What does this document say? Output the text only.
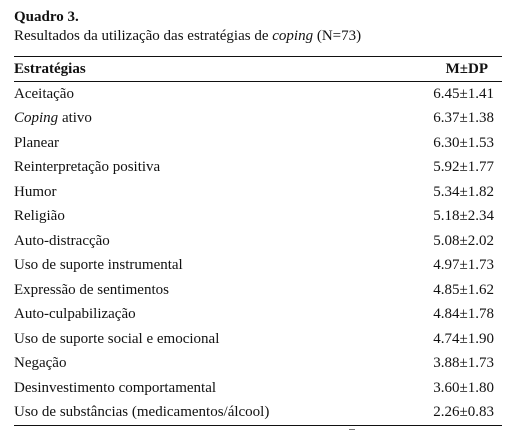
Quadro 3.

Resultados da utilização das estratégias de coping (N=73)

Estratégias	M±DP
Aceitação	6.45±1.41
Coping ativo	6.37±1.38
Planear	6.30±1.53
Reinterpretação positiva	5.92±1.77
Humor	5.34±1.82
Religião	5.18±2.34
Auto-distracção	5.08±2.02
Uso de suporte instrumental	4.97±1.73
Expressão de sentimentos	4.85±1.62
Auto-culpabilização	4.84±1.78
Uso de suporte social e emocional	4.74±1.90
Negação	3.88±1.73
Desinvestimento comportamental	3.60±1.80
Uso de substâncias (medicamentos/álcool)	2.26±0.83
